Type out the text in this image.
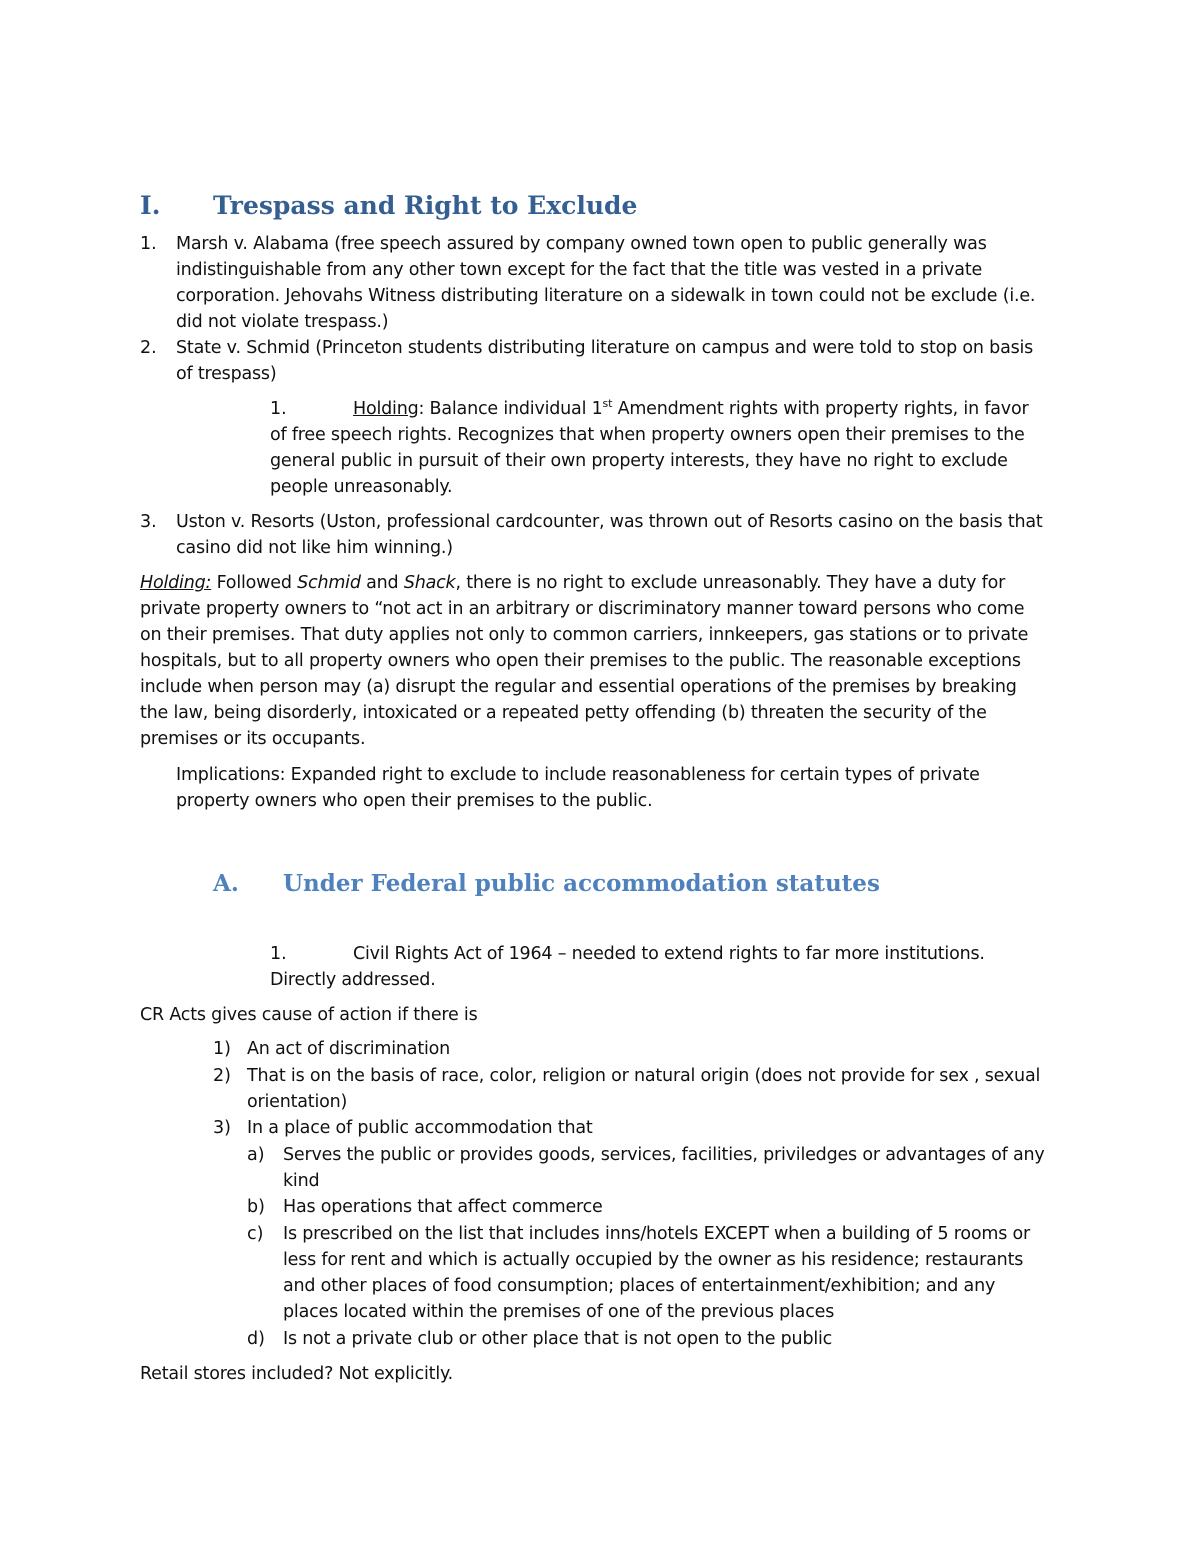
I. Trespass and Right to Exclude
1. Marsh v. Alabama (free speech assured by company owned town open to public generally was
indistinguishable from any other town except for the fact that the title was vested in a private
corporation. Jehovahs Witness distributing literature on a sidewalk in town could not be exclude (i.e.
did not violate trespass.)
2. State v. Schmid (Princeton students distributing literature on campus and were told to stop on basis
of trespass)
1.	Holding: Balance individual 1st Amendment rights with property rights, in favor
of free speech rights. Recognizes that when property owners open their premises to the
general public in pursuit of their own property interests, they have no right to exclude
people unreasonably.
3. Uston v. Resorts (Uston, professional cardcounter, was thrown out of Resorts casino on the basis that
casino did not like him winning.)
Holding: Followed Schmid and Shack, there is no right to exclude unreasonably. They have a duty for
private property owners to “not act in an arbitrary or discriminatory manner toward persons who come
on their premises. That duty applies not only to common carriers, innkeepers, gas stations or to private
hospitals, but to all property owners who open their premises to the public. The reasonable exceptions
include when person may (a) disrupt the regular and essential operations of the premises by breaking
the law, being disorderly, intoxicated or a repeated petty offending (b) threaten the security of the
premises or its occupants.
Implications: Expanded right to exclude to include reasonableness for certain types of private
property owners who open their premises to the public.
A. Under Federal public accommodation statutes
1.	Civil Rights Act of 1964 – needed to extend rights to far more institutions.
Directly addressed.
CR Acts gives cause of action if there is
1) An act of discrimination
2) That is on the basis of race, color, religion or natural origin (does not provide for sex , sexual
orientation)
3) In a place of public accommodation that
a) Serves the public or provides goods, services, facilities, priviledges or advantages of any
kind
b) Has operations that affect commerce
c) Is prescribed on the list that includes inns/hotels EXCEPT when a building of 5 rooms or
less for rent and which is actually occupied by the owner as his residence; restaurants
and other places of food consumption; places of entertainment/exhibition; and any
places located within the premises of one of the previous places
d) Is not a private club or other place that is not open to the public
Retail stores included? Not explicitly.
